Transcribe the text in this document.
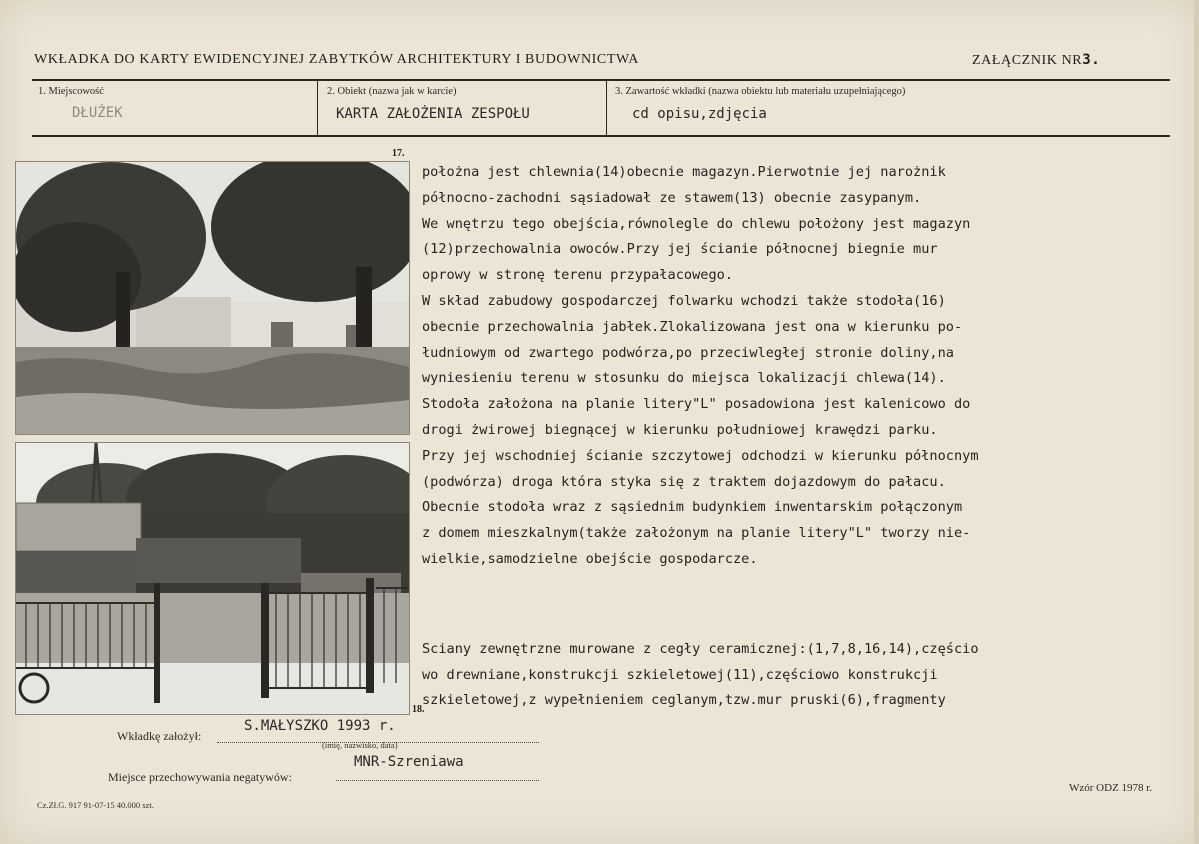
WKŁADKA DO KARTY EWIDENCYJNEJ ZABYTKÓW ARCHITEKTURY I BUDOWNICTWA	ZAŁĄCZNIK NR3.
1. Miejscowość
DŁUŻEK
2. Obiekt (nazwa jak w karcie)
KARTA ZAŁOŻENIA ZESPOŁU
3. Zawartość wkładki (nazwa obiektu lub materiału uzupełniającego)
cd opisu,zdjęcia
17.
18.
położna jest chlewnia(14)obecnie magazyn.Pierwotnie jej narożnik
północno-zachodni sąsiadował ze stawem(13) obecnie zasypanym.
We wnętrzu tego obejścia,równolegle do chlewu położony jest magazyn
(12)przechowalnia owoców.Przy jej ścianie północnej biegnie mur
oprowy w stronę terenu przypałacowego.
W skład zabudowy gospodarczej folwarku wchodzi także stodoła(16)
obecnie przechowalnia jabłek.Zlokalizowana jest ona w kierunku po-
łudniowym od zwartego podwórza,po przeciwległej stronie doliny,na
wyniesieniu terenu w stosunku do miejsca lokalizacji chlewa(14).
Stodoła założona na planie litery"L" posadowiona jest kalenicowo do
drogi żwirowej biegnącej w kierunku południowej krawędzi parku.
Przy jej wschodniej ścianie szczytowej odchodzi w kierunku północnym
(podwórza) droga która styka się z traktem dojazdowym do pałacu.
Obecnie stodoła wraz z sąsiednim budynkiem inwentarskim połączonym
z domem mieszkalnym(także założonym na planie litery"L" tworzy nie-
wielkie,samodzielne obejście gospodarcze.
Sciany zewnętrzne murowane z cegły ceramicznej:(1,7,8,16,14),częścio
wo drewniane,konstrukcji szkieletowej(11),częściowo konstrukcji
szkieletowej,z wypełnieniem ceglanym,tzw.mur pruski(6),fragmenty
Wkładkę założył:
S.MAŁYSZKO 1993 r.
(imię, nazwisko, data)
Miejsce przechowywania negatywów:
MNR-Szreniawa
Cz.Zł.G. 917 91-07-15 40.000 szt.
Wzór ODZ 1978 r.
